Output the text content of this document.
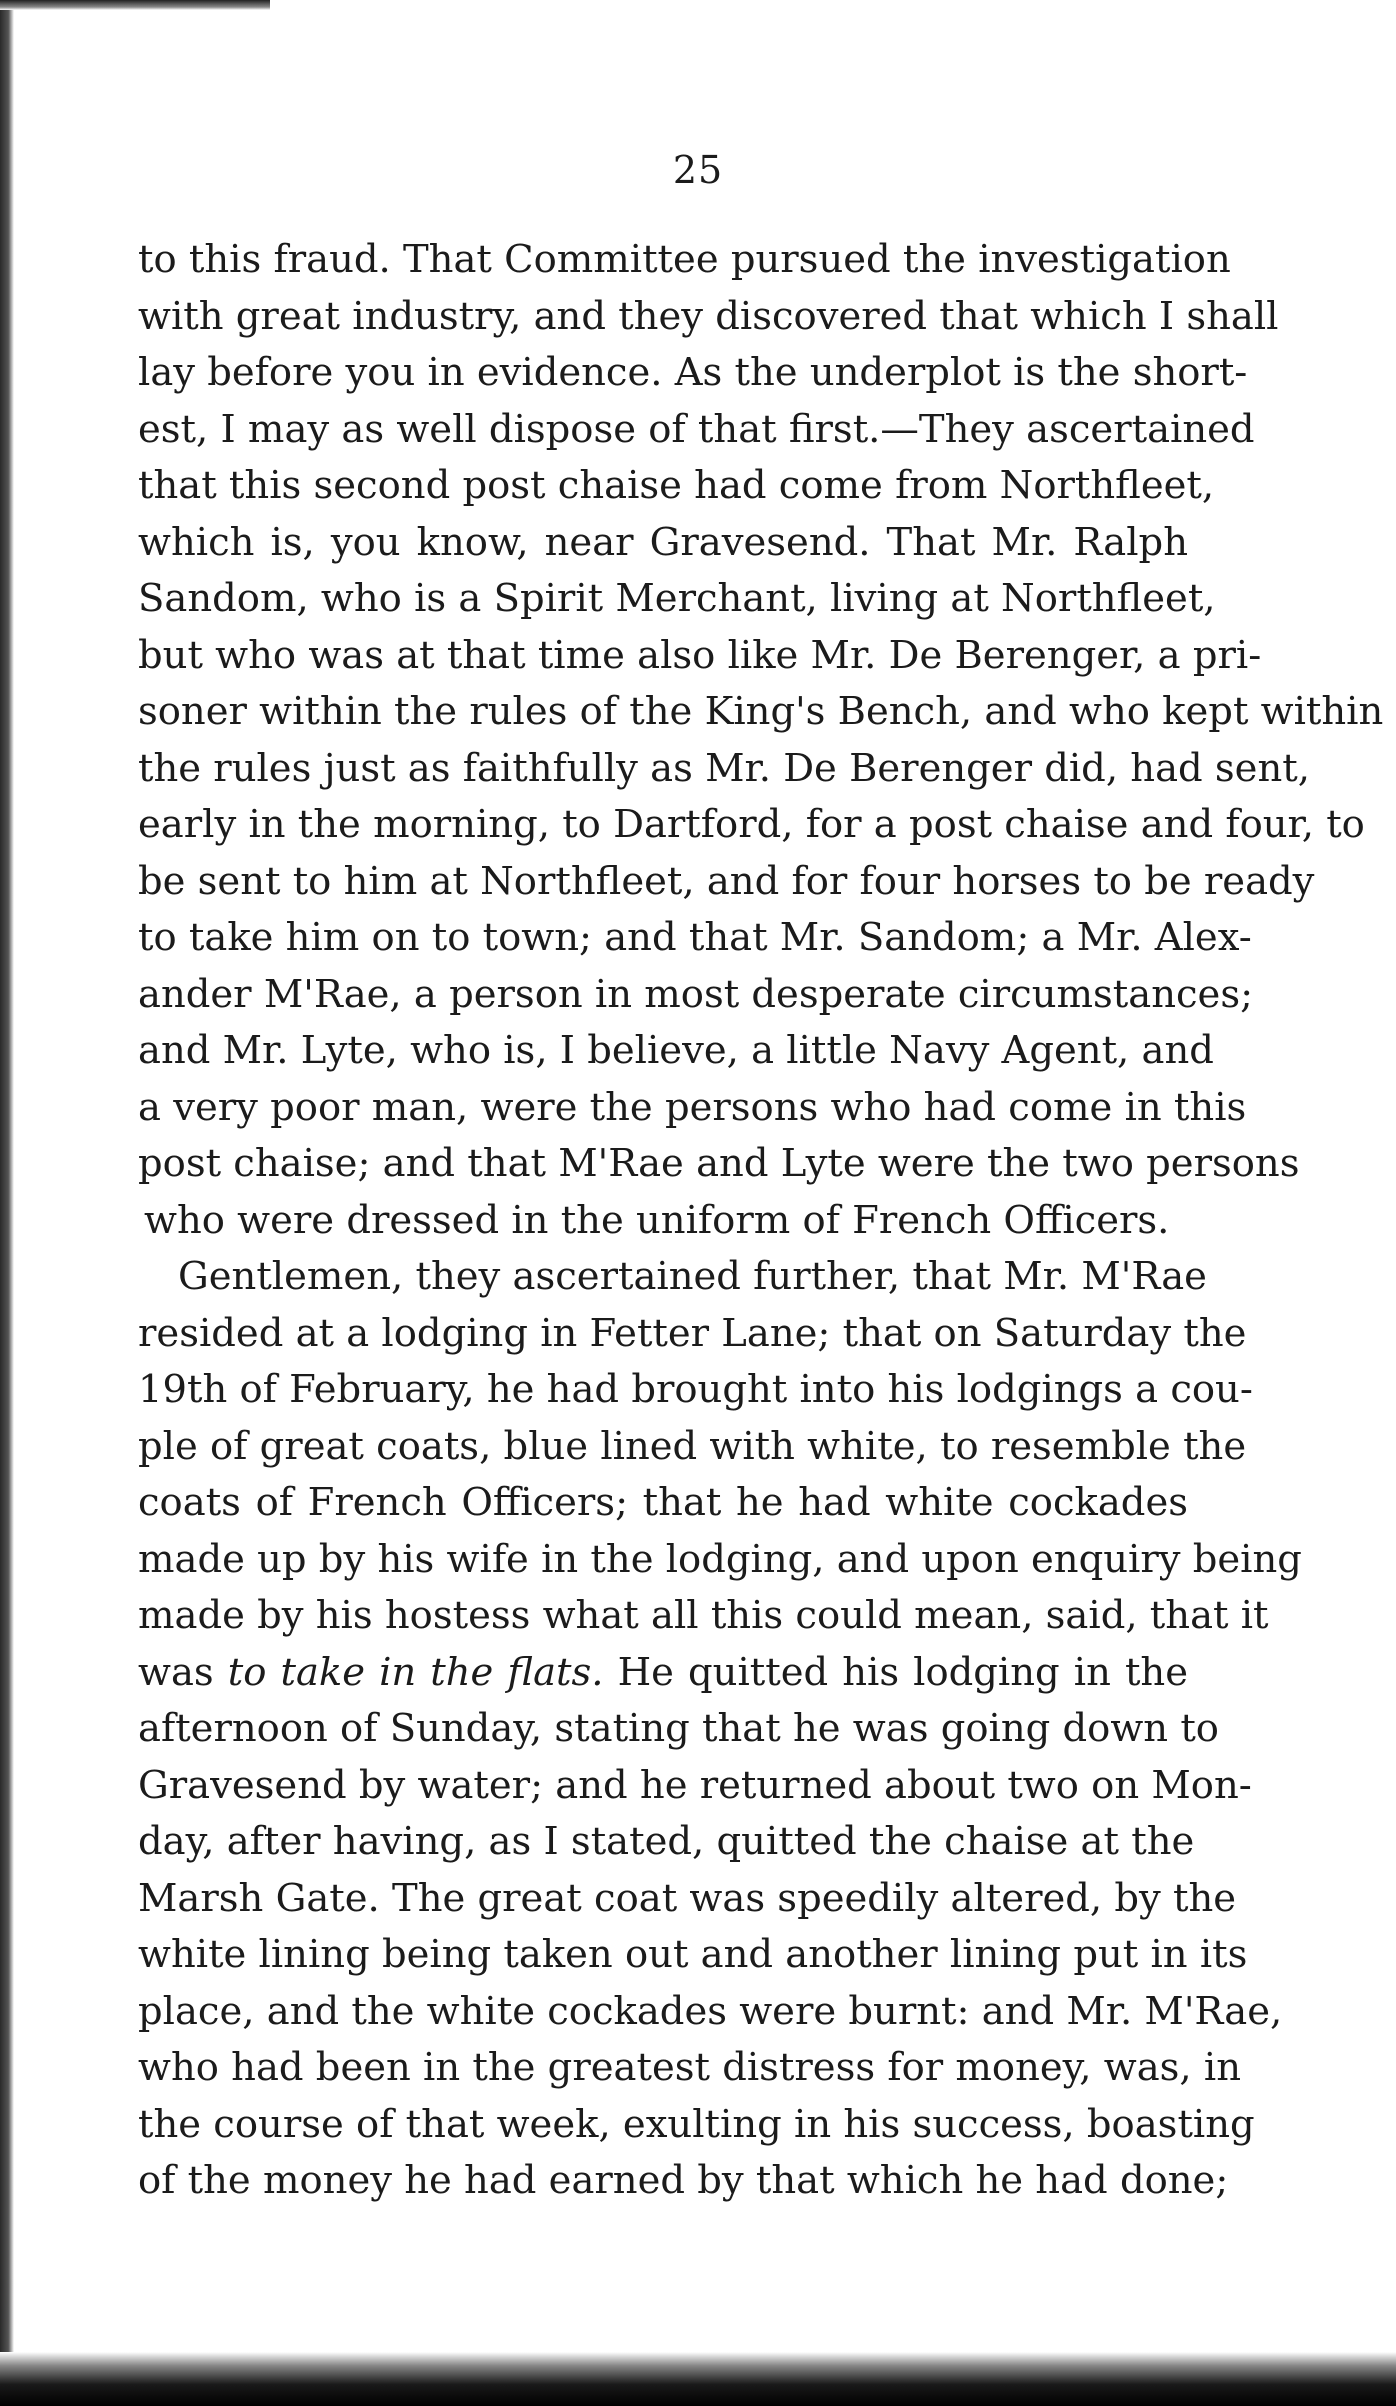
25
to this fraud. That Committee pursued the investigation
with great industry, and they discovered that which I shall
lay before you in evidence. As the underplot is the short-
est, I may as well dispose of that first.—They ascertained
that this second post chaise had come from Northfleet,
which is, you know, near Gravesend. That Mr. Ralph
Sandom, who is a Spirit Merchant, living at Northfleet,
but who was at that time also like Mr. De Berenger, a pri-
soner within the rules of the King's Bench, and who kept within
the rules just as faithfully as Mr. De Berenger did, had sent,
early in the morning, to Dartford, for a post chaise and four, to
be sent to him at Northfleet, and for four horses to be ready
to take him on to town; and that Mr. Sandom; a Mr. Alex-
ander M'Rae, a person in most desperate circumstances;
and Mr. Lyte, who is, I believe, a little Navy Agent, and
a very poor man, were the persons who had come in this
post chaise; and that M'Rae and Lyte were the two persons
who were dressed in the uniform of French Officers.
Gentlemen, they ascertained further, that Mr. M'Rae
resided at a lodging in Fetter Lane; that on Saturday the
19th of February, he had brought into his lodgings a cou-
ple of great coats, blue lined with white, to resemble the
coats of French Officers; that he had white cockades
made up by his wife in the lodging, and upon enquiry being
made by his hostess what all this could mean, said, that it
was to take in the flats. He quitted his lodging in the
afternoon of Sunday, stating that he was going down to
Gravesend by water; and he returned about two on Mon-
day, after having, as I stated, quitted the chaise at the
Marsh Gate. The great coat was speedily altered, by the
white lining being taken out and another lining put in its
place, and the white cockades were burnt: and Mr. M'Rae,
who had been in the greatest distress for money, was, in
the course of that week, exulting in his success, boasting
of the money he had earned by that which he had done;
